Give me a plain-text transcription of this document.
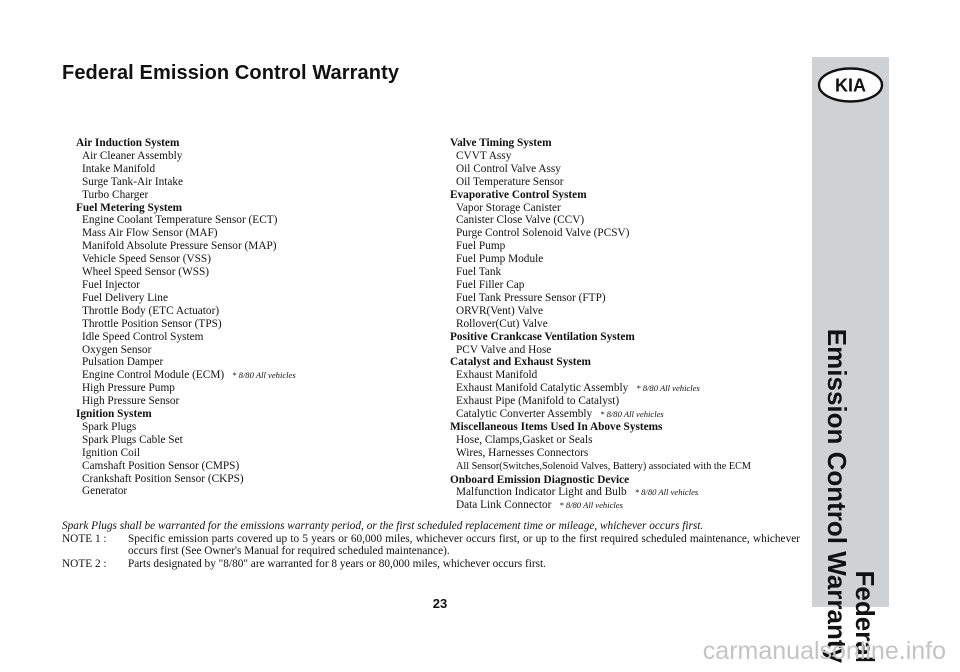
Federal Emission Control Warranty
Air Induction System
Air Cleaner Assembly
Intake Manifold
Surge Tank-Air Intake
Turbo Charger
Fuel Metering System
Engine Coolant Temperature Sensor (ECT)
Mass Air Flow Sensor (MAF)
Manifold Absolute Pressure Sensor (MAP)
Vehicle Speed Sensor (VSS)
Wheel Speed Sensor (WSS)
Fuel Injector
Fuel Delivery Line
Throttle Body (ETC Actuator)
Throttle Position Sensor (TPS)
Idle Speed Control System
Oxygen Sensor
Pulsation Damper
Engine Control Module (ECM) * 8/80 All vehicles
High Pressure Pump
High Pressure Sensor
Ignition System
Spark Plugs
Spark Plugs Cable Set
Ignition Coil
Camshaft Position Sensor (CMPS)
Crankshaft Position Sensor (CKPS)
Generator
Valve Timing System
CVVT Assy
Oil Control Valve Assy
Oil Temperature Sensor
Evaporative Control System
Vapor Storage Canister
Canister Close Valve (CCV)
Purge Control Solenoid Valve (PCSV)
Fuel Pump
Fuel Pump Module
Fuel Tank
Fuel Filler Cap
Fuel Tank Pressure Sensor (FTP)
ORVR(Vent) Valve
Rollover(Cut) Valve
Positive Crankcase Ventilation System
PCV Valve and Hose
Catalyst and Exhaust System
Exhaust Manifold
Exhaust Manifold Catalytic Assembly * 8/80 All vehicles
Exhaust Pipe (Manifold to Catalyst)
Catalytic Converter Assembly * 8/80 All vehicles
Miscellaneous Items Used In Above Systems
Hose, Clamps,Gasket or Seals
Wires, Harnesses Connectors
All Sensor(Switches,Solenoid Valves, Battery) associated with the ECM
Onboard Emission Diagnostic Device
Malfunction Indicator Light and Bulb * 8/80 All vehicles
Data Link Connector * 8/80 All vehicles
Spark Plugs shall be warranted for the emissions warranty period, or the first scheduled replacement time or mileage, whichever occurs first.
NOTE 1 :	Specific emission parts covered up to 5 years or 60,000 miles, whichever occurs first, or up to the first required scheduled maintenance, whichever occurs first (See Owner's Manual for required scheduled maintenance).
NOTE 2 :	Parts designated by "8/80" are warranted for 8 years or 80,000 miles, whichever occurs first.
23
KIA
Federal
Emission Control Warranty
carmanualsonline.info
